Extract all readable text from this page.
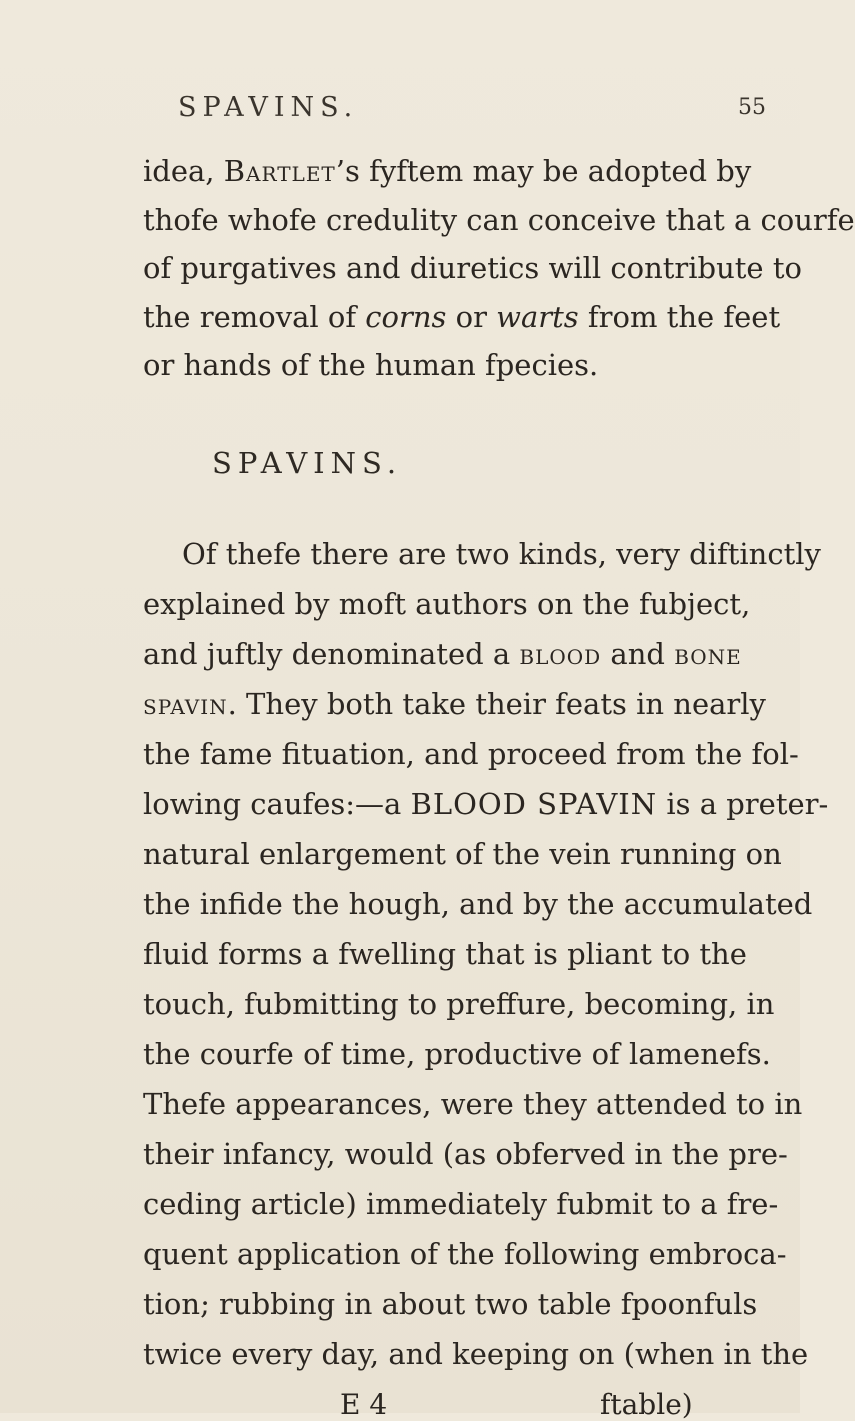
SPAVINS.	55
idea, Bartlet’s fyftem may be adopted by
thofe whofe credulity can conceive that a courfe
of purgatives and diuretics will contribute to
the removal of corns or warts from the feet
or hands of the human fpecies.
SPAVINS.
Of thefe there are two kinds, very diftinctly
explained by moft authors on the fubject,
and juftly denominated a blood and bone
spavin. They both take their feats in nearly
the fame fituation, and proceed from the fol-
lowing caufes:—a BLOOD SPAVIN is a preter-
natural enlargement of the vein running on
the infide the hough, and by the accumulated
fluid forms a fwelling that is pliant to the
touch, fubmitting to preffure, becoming, in
the courfe of time, productive of lamenefs.
Thefe appearances, were they attended to in
their infancy, would (as obferved in the pre-
ceding article) immediately fubmit to a fre-
quent application of the following embroca-
tion; rubbing in about two table fpoonfuls
twice every day, and keeping on (when in the
E 4	ftable)
